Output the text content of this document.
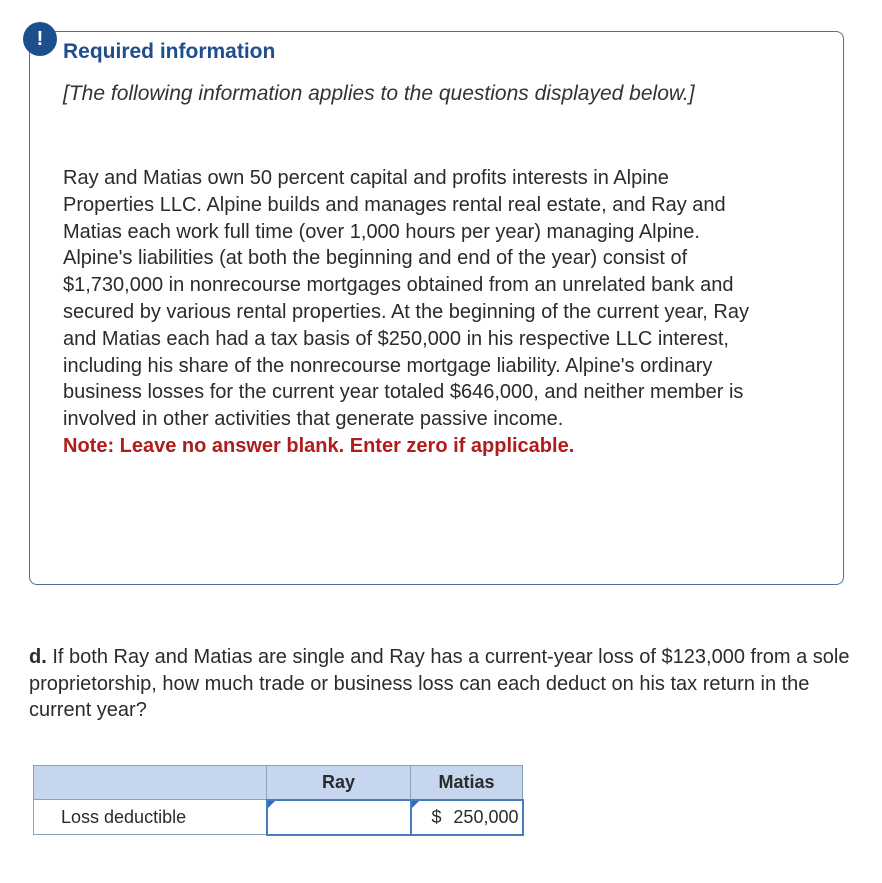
!
Required information

[The following information applies to the questions displayed below.]

Ray and Matias own 50 percent capital and profits interests in Alpine Properties LLC. Alpine builds and manages rental real estate, and Ray and Matias each work full time (over 1,000 hours per year) managing Alpine. Alpine's liabilities (at both the beginning and end of the year) consist of $1,730,000 in nonrecourse mortgages obtained from an unrelated bank and secured by various rental properties. At the beginning of the current year, Ray and Matias each had a tax basis of $250,000 in his respective LLC interest, including his share of the nonrecourse mortgage liability. Alpine's ordinary business losses for the current year totaled $646,000, and neither member is involved in other activities that generate passive income.
Note: Leave no answer blank. Enter zero if applicable.

d. If both Ray and Matias are single and Ray has a current-year loss of $123,000 from a sole proprietorship, how much trade or business loss can each deduct on his tax return in the current year?

	Ray	Matias
Loss deductible		$ 250,000
